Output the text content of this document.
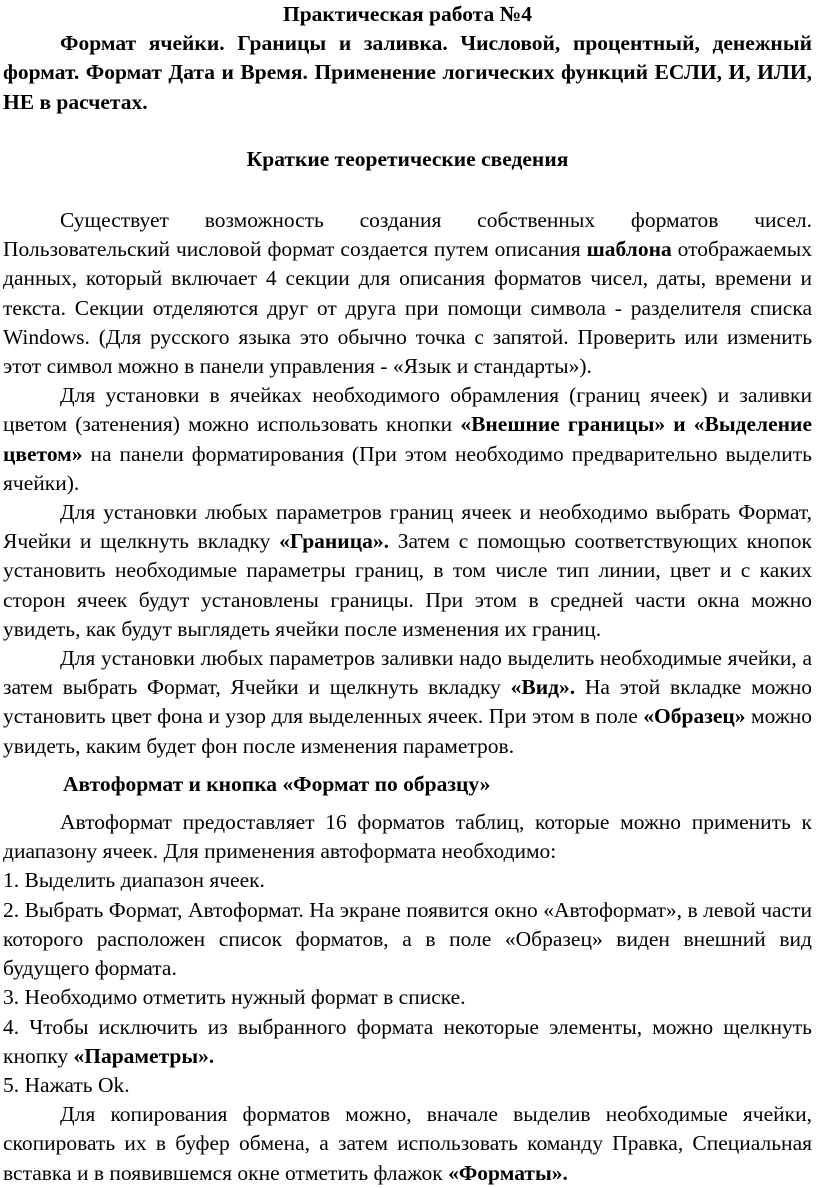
Практическая работа №4

Формат ячейки. Границы и заливка. Числовой, процентный, денежный формат. Формат Дата и Время. Применение логических функций ЕСЛИ, И, ИЛИ, НЕ в расчетах.

Краткие теоретические сведения

Существует возможность создания собственных форматов чисел. Пользовательский числовой формат создается путем описания шаблона отображаемых данных, который включает 4 секции для описания форматов чисел, даты, времени и текста. Секции отделяются друг от друга при помощи символа - разделителя списка Windows. (Для русского языка это обычно точка с запятой. Проверить или изменить этот символ можно в панели управления - «Язык и стандарты»).

Для установки в ячейках необходимого обрамления (границ ячеек) и заливки цветом (затенения) можно использовать кнопки «Внешние границы» и «Выделение цветом» на панели форматирования (При этом необходимо предварительно выделить ячейки).

Для установки любых параметров границ ячеек и необходимо выбрать Формат, Ячейки и щелкнуть вкладку «Граница». Затем с помощью соответствующих кнопок установить необходимые параметры границ, в том числе тип линии, цвет и с каких сторон ячеек будут установлены границы. При этом в средней части окна можно увидеть, как будут выглядеть ячейки после изменения их границ.

Для установки любых параметров заливки надо выделить необходимые ячейки, а затем выбрать Формат, Ячейки и щелкнуть вкладку «Вид». На этой вкладке можно установить цвет фона и узор для выделенных ячеек. При этом в поле «Образец» можно увидеть, каким будет фон после изменения параметров.

Автоформат и кнопка «Формат по образцу»

Автоформат предоставляет 16 форматов таблиц, которые можно применить к диапазону ячеек. Для применения автоформата необходимо:

1. Выделить диапазон ячеек.

2. Выбрать Формат, Автоформат. На экране появится окно «Автоформат», в левой части которого расположен список форматов, а в поле «Образец» виден внешний вид будущего формата.

3. Необходимо отметить нужный формат в списке.

4. Чтобы исключить из выбранного формата некоторые элементы, можно щелкнуть кнопку «Параметры».

5. Нажать Ok.

Для копирования форматов можно, вначале выделив необходимые ячейки, скопировать их в буфер обмена, а затем использовать команду Правка, Специальная вставка и в появившемся окне отметить флажок «Форматы».
